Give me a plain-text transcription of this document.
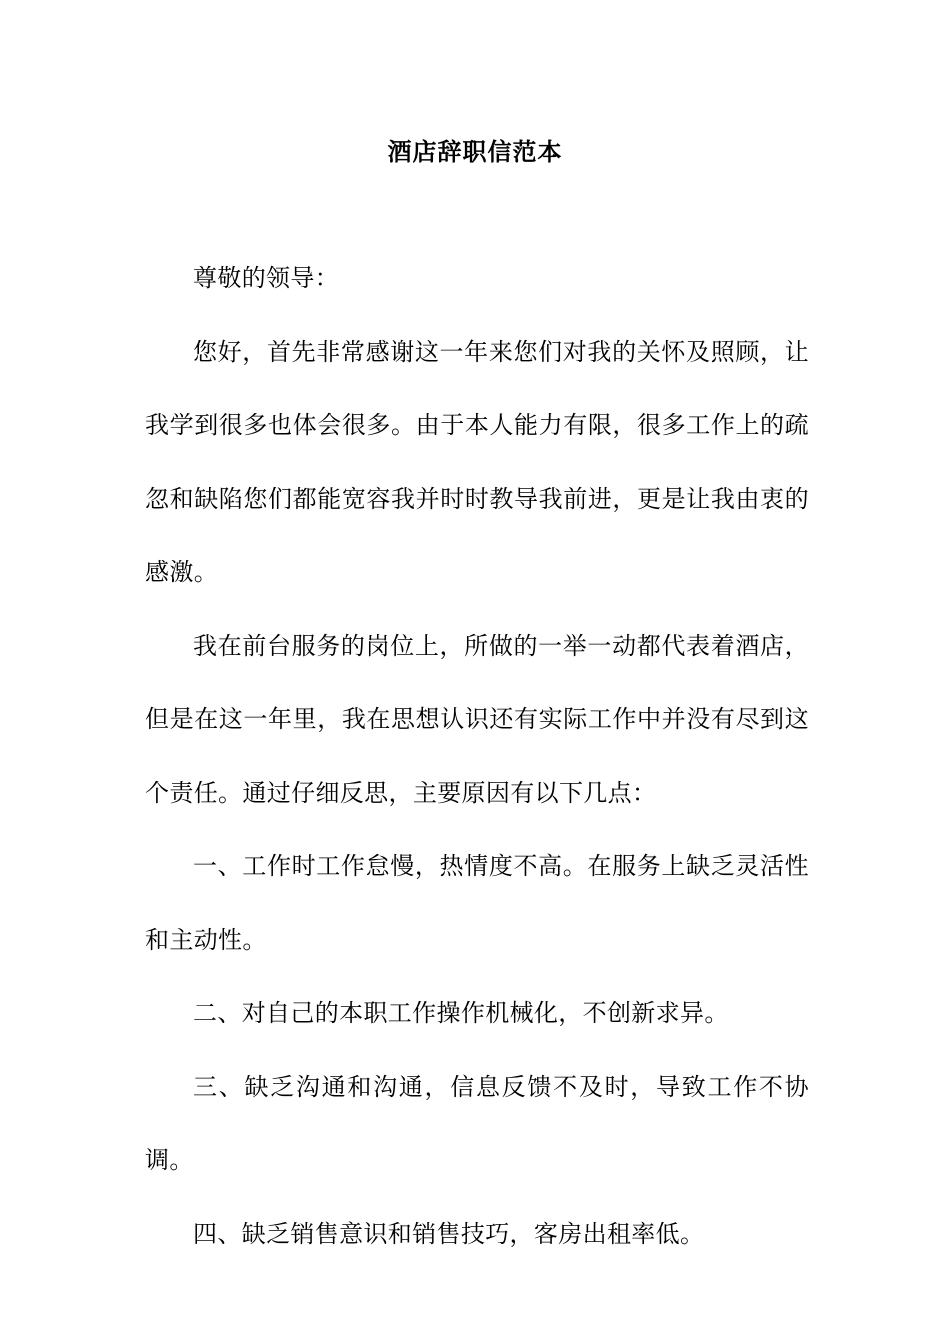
酒店辞职信范本

尊敬的领导：

您好，首先非常感谢这一年来您们对我的关怀及照顾，让我学到很多也体会很多。由于本人能力有限，很多工作上的疏忽和缺陷您们都能宽容我并时时教导我前进，更是让我由衷的感激。

我在前台服务的岗位上，所做的一举一动都代表着酒店，但是在这一年里，我在思想认识还有实际工作中并没有尽到这个责任。通过仔细反思，主要原因有以下几点：

一、工作时工作怠慢，热情度不高。在服务上缺乏灵活性和主动性。

二、对自己的本职工作操作机械化，不创新求异。

三、缺乏沟通和沟通，信息反馈不及时，导致工作不协调。

四、缺乏销售意识和销售技巧，客房出租率低。
